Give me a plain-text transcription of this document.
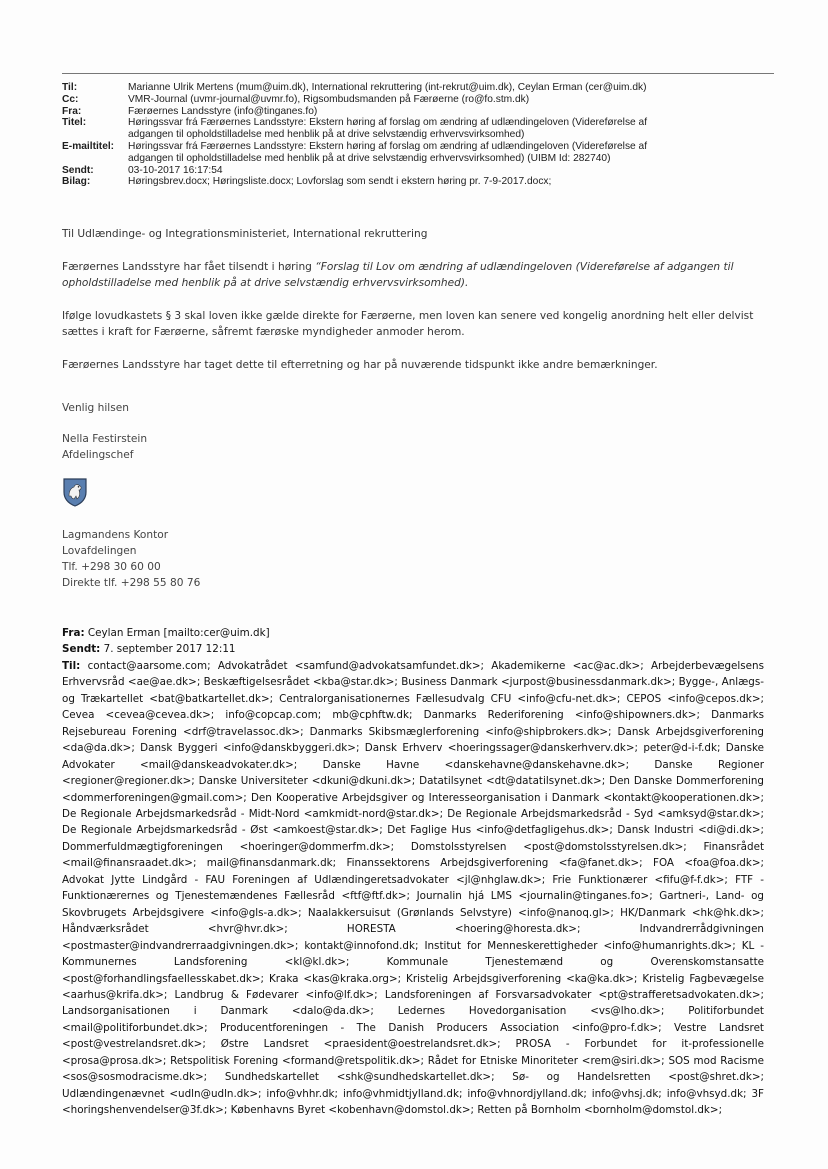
Til:	Marianne Ulrik Mertens (mum@uim.dk), International rekruttering (int-rekrut@uim.dk), Ceylan Erman (cer@uim.dk)
Cc:	VMR-Journal (uvmr-journal@uvmr.fo), Rigsombudsmanden på Færøerne (ro@fo.stm.dk)
Fra:	Færøernes Landsstyre (info@tinganes.fo)
Titel:	Høringssvar frá Færøernes Landsstyre: Ekstern høring af forslag om ændring af udlændingeloven (Videreførelse af
adgangen til opholdstilladelse med henblik på at drive selvstændig erhvervsvirksomhed)
E-mailtitel:	Høringssvar frá Færøernes Landsstyre: Ekstern høring af forslag om ændring af udlændingeloven (Videreførelse af
adgangen til opholdstilladelse med henblik på at drive selvstændig erhvervsvirksomhed) (UIBM Id: 282740)
Sendt:	03-10-2017 16:17:54
Bilag:	Høringsbrev.docx; Høringsliste.docx; Lovforslag som sendt i ekstern høring pr. 7-9-2017.docx;

Til Udlændinge- og Integrationsministeriet, International rekruttering

Færøernes Landsstyre har fået tilsendt i høring “Forslag til Lov om ændring af udlændingeloven (Videreførelse af adgangen til
opholdstilladelse med henblik på at drive selvstændig erhvervsvirksomhed).

Ifølge lovudkastets § 3 skal loven ikke gælde direkte for Færøerne, men loven kan senere ved kongelig anordning helt eller delvist
sættes i kraft for Færøerne, såfremt færøske myndigheder anmoder herom.

Færøernes Landsstyre har taget dette til efterretning og har på nuværende tidspunkt ikke andre bemærkninger.

Venlig hilsen
Nella Festirstein
Afdelingschef
Lagmandens Kontor
Lovafdelingen
Tlf. +298 30 60 00
Direkte tlf. +298 55 80 76
Fra: Ceylan Erman [mailto:cer@uim.dk]
Sendt: 7. september 2017 12:11
Til: contact@aarsome.com; Advokatrådet <samfund@advokatsamfundet.dk>; Akademikerne <ac@ac.dk>; Arbejderbevægelsens Erhvervsråd <ae@ae.dk>; Beskæftigelsesrådet <kba@star.dk>; Business Danmark <jurpost@businessdanmark.dk>; Bygge-, Anlægs- og Trækartellet <bat@batkartellet.dk>; Centralorganisationernes Fællesudvalg CFU <info@cfu-net.dk>; CEPOS <info@cepos.dk>; Cevea <cevea@cevea.dk>; info@copcap.com; mb@cphftw.dk; Danmarks Rederiforening <info@shipowners.dk>; Danmarks Rejsebureau Forening <drf@travelassoc.dk>; Danmarks Skibsmæglerforening <info@shipbrokers.dk>; Dansk Arbejdsgiverforening <da@da.dk>; Dansk Byggeri <info@danskbyggeri.dk>; Dansk Erhverv <hoeringssager@danskerhverv.dk>; peter@d-i-f.dk; Danske Advokater <mail@danskeadvokater.dk>; Danske Havne <danskehavne@danskehavne.dk>; Danske Regioner <regioner@regioner.dk>; Danske Universiteter <dkuni@dkuni.dk>; Datatilsynet <dt@datatilsynet.dk>; Den Danske Dommerforening <dommerforeningen@gmail.com>; Den Kooperative Arbejdsgiver og Interesseorganisation i Danmark <kontakt@kooperationen.dk>; De Regionale Arbejdsmarkedsråd - Midt-Nord <amkmidt-nord@star.dk>; De Regionale Arbejdsmarkedsråd - Syd <amksyd@star.dk>; De Regionale Arbejdsmarkedsråd - Øst <amkoest@star.dk>; Det Faglige Hus <info@detfagligehus.dk>; Dansk Industri <di@di.dk>; Dommerfuldmægtigforeningen <hoeringer@dommerfm.dk>; Domstolsstyrelsen <post@domstolsstyrelsen.dk>; Finansrådet <mail@finansraadet.dk>; mail@finansdanmark.dk; Finanssektorens Arbejdsgiverforening <fa@fanet.dk>; FOA <foa@foa.dk>; Advokat Jytte Lindgård - FAU Foreningen af Udlændingeretsadvokater <jl@nhglaw.dk>; Frie Funktionærer <fifu@f-f.dk>; FTF - Funktionærernes og Tjenestemændenes Fællesråd <ftf@ftf.dk>; Journalin hjá LMS <journalin@tinganes.fo>; Gartneri-, Land- og Skovbrugets Arbejdsgivere <info@gls-a.dk>; Naalakkersuisut (Grønlands Selvstyre) <info@nanoq.gl>; HK/Danmark <hk@hk.dk>; Håndværksrådet <hvr@hvr.dk>; HORESTA <hoering@horesta.dk>; Indvandrerrådgivningen <postmaster@indvandrerraadgivningen.dk>; kontakt@innofond.dk; Institut for Menneskerettigheder <info@humanrights.dk>; KL - Kommunernes Landsforening <kl@kl.dk>; Kommunale Tjenestemænd og Overenskomstansatte <post@forhandlingsfaellesskabet.dk>; Kraka <kas@kraka.org>; Kristelig Arbejdsgiverforening <ka@ka.dk>; Kristelig Fagbevægelse <aarhus@krifa.dk>; Landbrug & Fødevarer <info@lf.dk>; Landsforeningen af Forsvarsadvokater <pt@strafferetsadvokaten.dk>; Landsorganisationen i Danmark <dalo@da.dk>; Ledernes Hovedorganisation <vs@lho.dk>; Politiforbundet <mail@politiforbundet.dk>; Producentforeningen - The Danish Producers Association <info@pro-f.dk>; Vestre Landsret <post@vestrelandsret.dk>; Østre Landsret <praesident@oestrelandsret.dk>; PROSA - Forbundet for it-professionelle <prosa@prosa.dk>; Retspolitisk Forening <formand@retspolitik.dk>; Rådet for Etniske Minoriteter <rem@siri.dk>; SOS mod Racisme <sos@sosmodracisme.dk>; Sundhedskartellet <shk@sundhedskartellet.dk>; Sø- og Handelsretten <post@shret.dk>; Udlændingenævnet <udln@udln.dk>; info@vhhr.dk; info@vhmidtjylland.dk; info@vhnordjylland.dk; info@vhsj.dk; info@vhsyd.dk; 3F <horingshenvendelser@3f.dk>; Københavns Byret <kobenhavn@domstol.dk>; Retten på Bornholm <bornholm@domstol.dk>;
